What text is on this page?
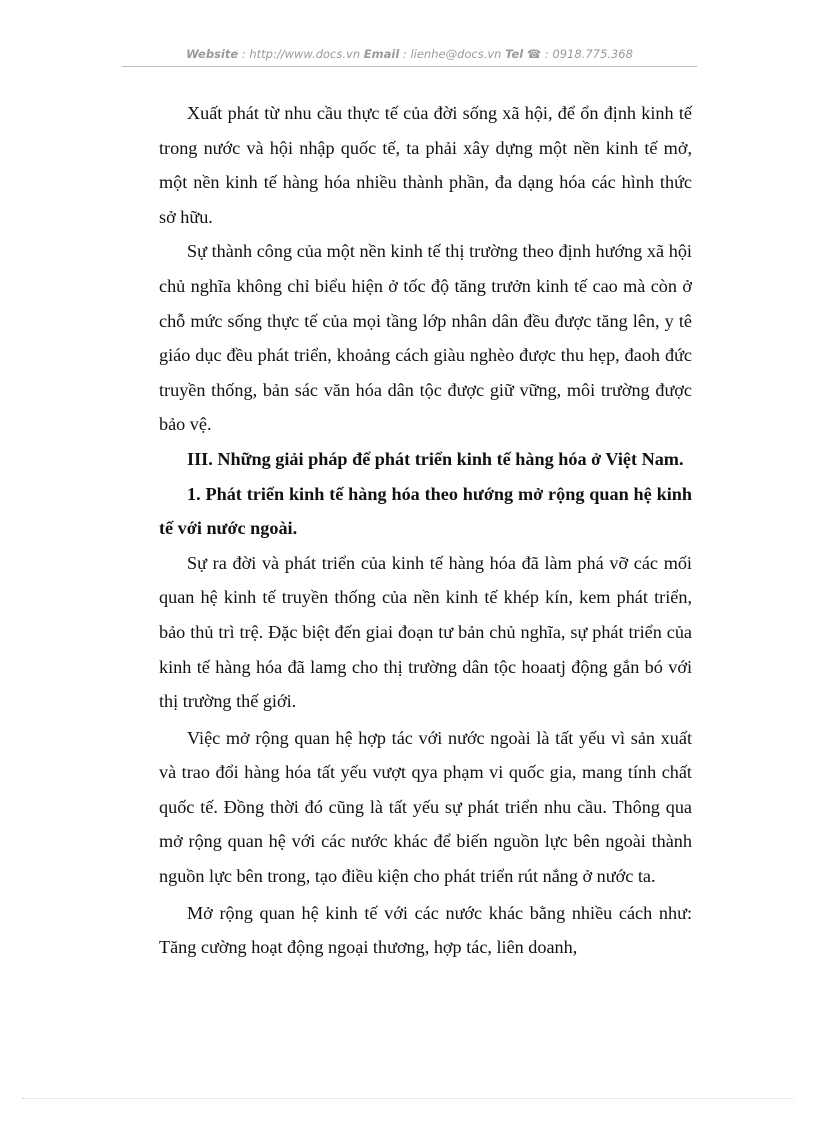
Website : http://www.docs.vn Email : lienhe@docs.vn Tel ☎ : 0918.775.368

Xuất phát từ nhu cầu thực tế của đời sống xã hội, để ổn định kinh tế trong nước và hội nhập quốc tế, ta phải xây dựng một nền kinh tế mở, một nền kinh tế hàng hóa nhiều thành phần, đa dạng hóa các hình thức sở hữu.

Sự thành công của một nền kinh tế thị trường theo định hướng xã hội chủ nghĩa không chỉ biểu hiện ở tốc độ tăng trưởn kinh tế cao mà còn ở chỗ mức sống thực tế của mọi tầng lớp nhân dân đều được tăng lên, y tê giáo dục đều phát triển, khoảng cách giàu nghèo được thu hẹp, đaoh đức truyền thống, bản sác văn hóa dân tộc được giữ vững, môi trường được bảo vệ.

III. Những giải pháp để phát triển kinh tế hàng hóa ở Việt Nam.

1. Phát triển kinh tế hàng hóa theo hướng mở rộng quan hệ kinh tế với nước ngoài.

Sự ra đời và phát triển của kinh tế hàng hóa đã làm phá vỡ các mối quan hệ kinh tế truyền thống của nền kinh tế khép kín, kem phát triển, bảo thủ trì trệ. Đặc biệt đến giai đoạn tư bản chủ nghĩa, sự phát triển của kinh tế hàng hóa đã lamg cho thị trường dân tộc hoaatj động gắn bó với thị trường thế giới.

Việc mở rộng quan hệ hợp tác với nước ngoài là tất yếu vì sản xuất và trao đổi hàng hóa tất yếu vượt qya phạm vi quốc gia, mang tính chất quốc tế. Đồng thời đó cũng là tất yếu sự phát triển nhu cầu. Thông qua mở rộng quan hệ với các nước khác để biến nguồn lực bên ngoài thành nguồn lực bên trong, tạo điều kiện cho phát triển rút nắng ở nước ta.

Mở rộng quan hệ kinh tế với các nước khác bằng nhiều cách như: Tăng cường hoạt động ngoại thương, hợp tác, liên doanh,
